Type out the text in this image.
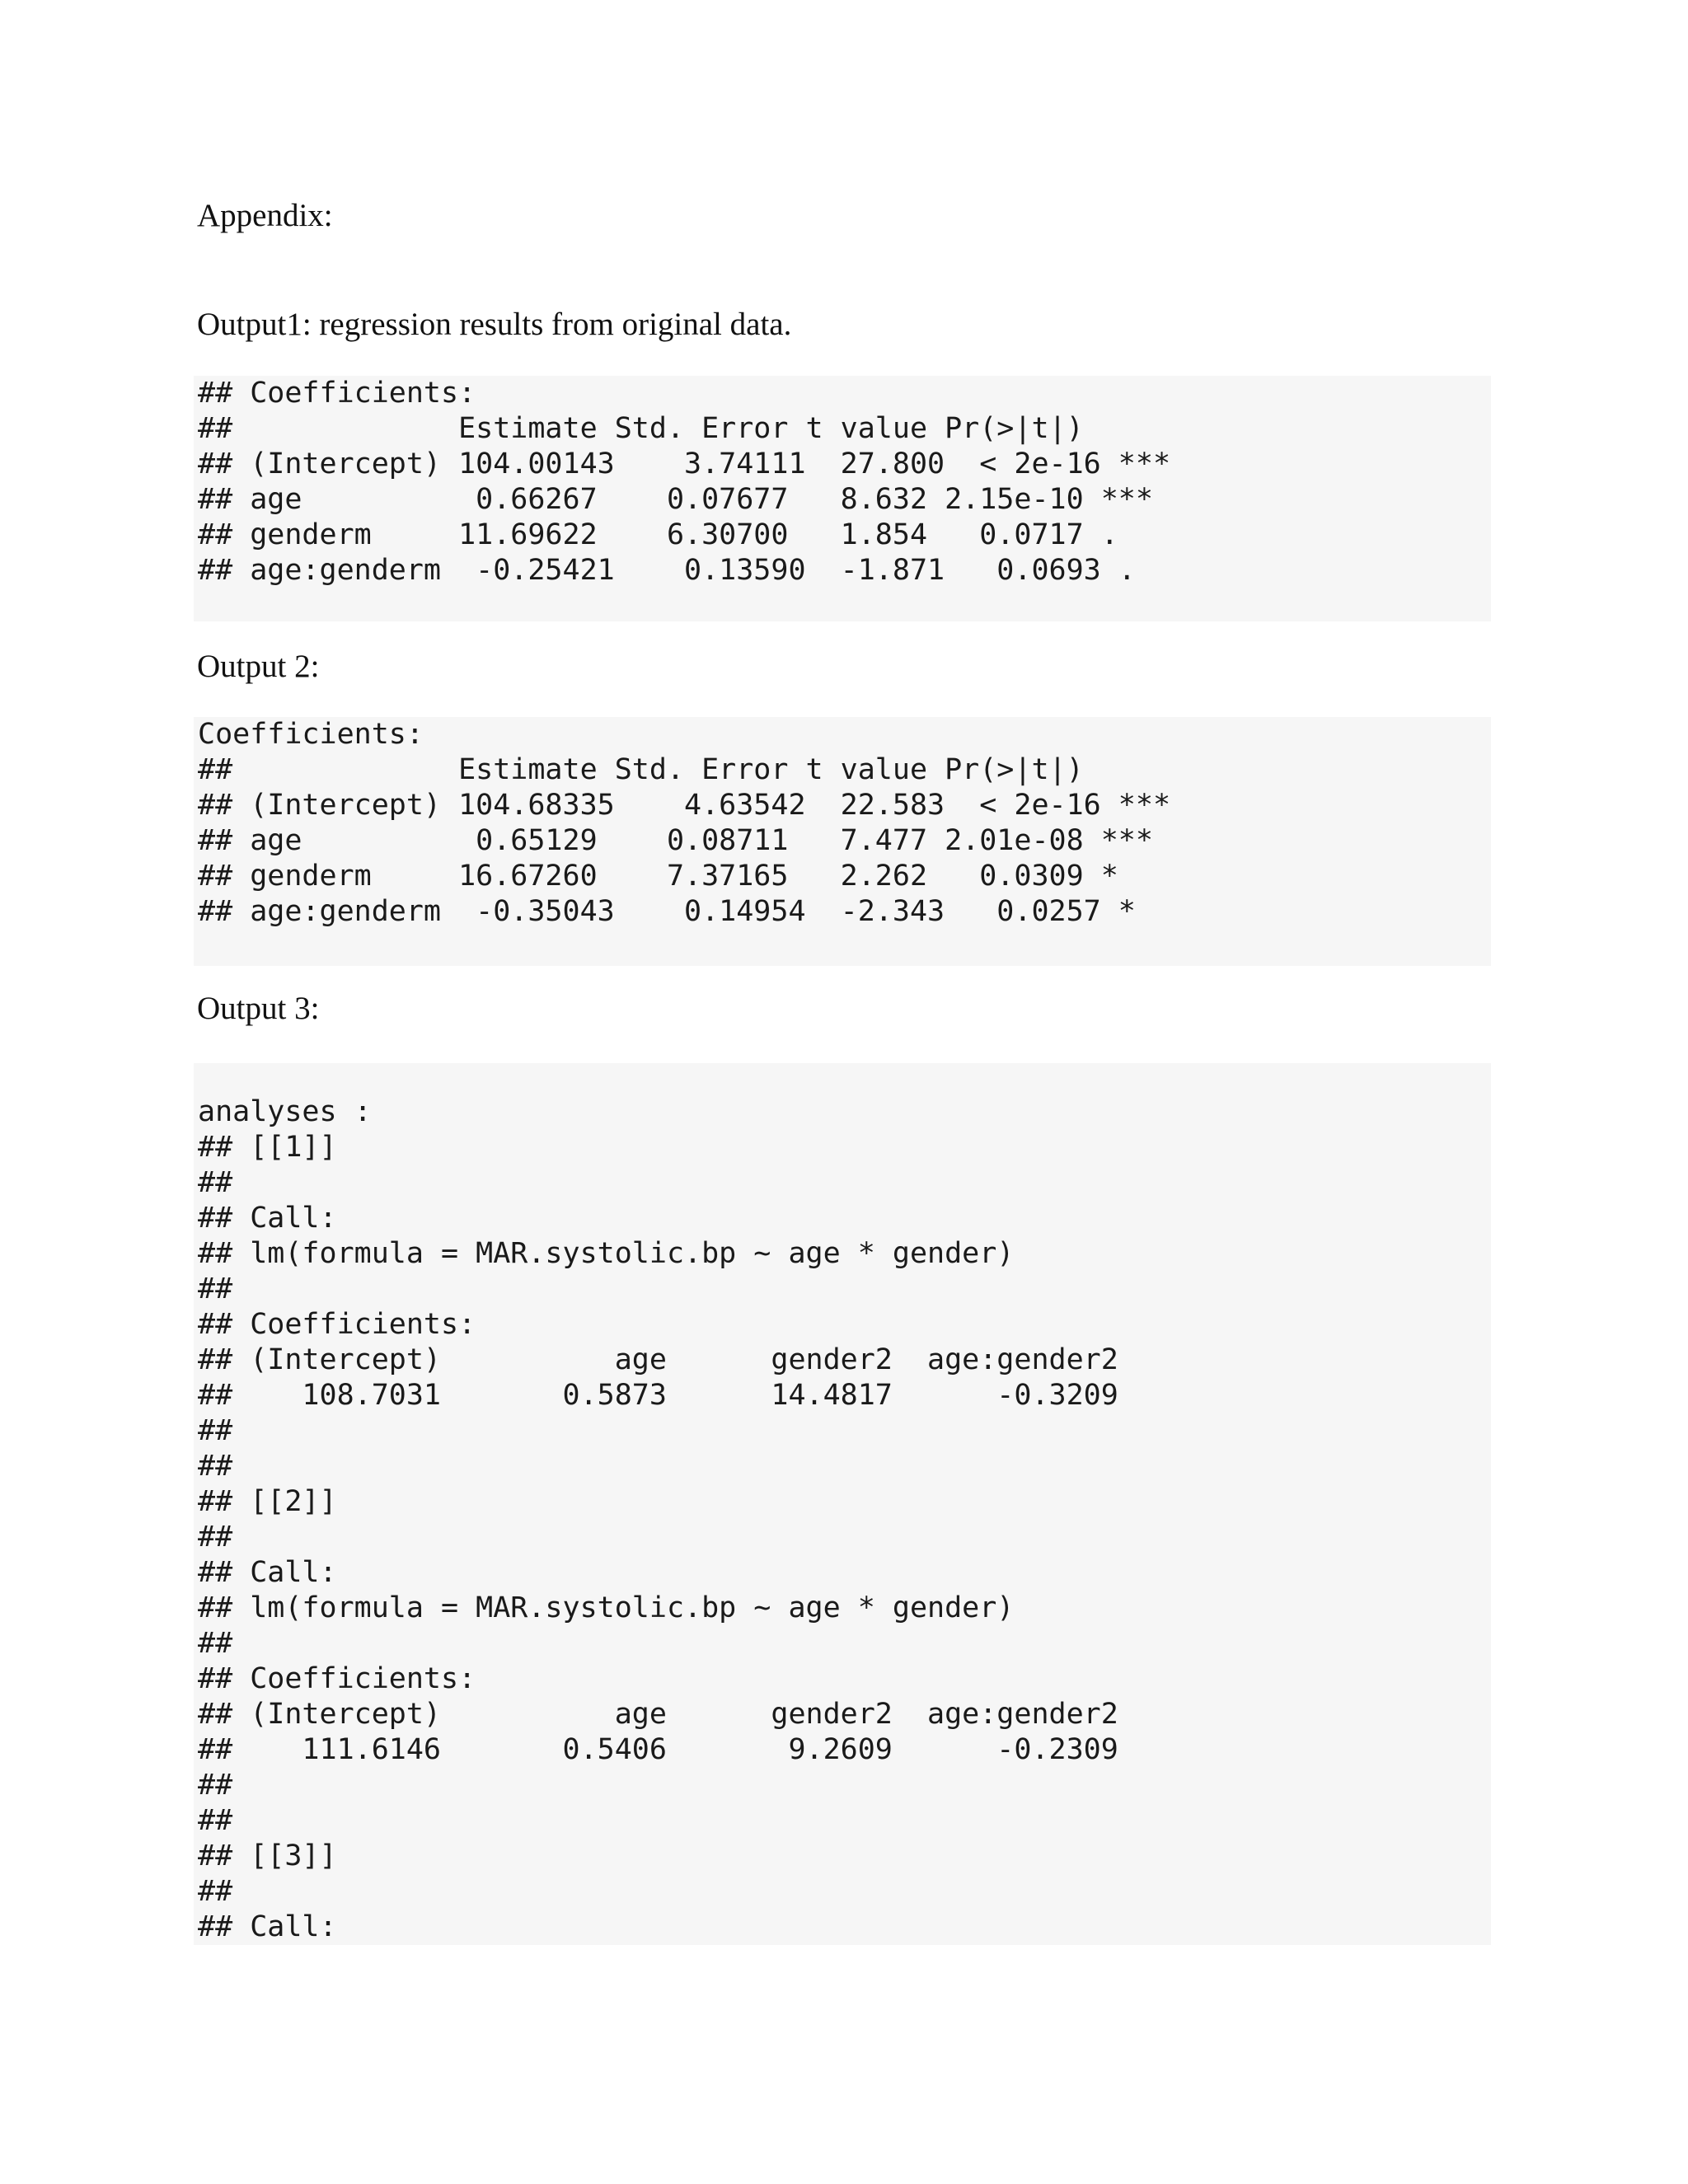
Appendix:
Output1: regression results from original data.
## Coefficients:
##             Estimate Std. Error t value Pr(>|t|)
## (Intercept) 104.00143    3.74111  27.800  < 2e-16 ***
## age          0.66267    0.07677   8.632 2.15e-10 ***
## genderm     11.69622    6.30700   1.854   0.0717 .
## age:genderm  -0.25421    0.13590  -1.871   0.0693 .
Output 2:
Coefficients:
##             Estimate Std. Error t value Pr(>|t|)
## (Intercept) 104.68335    4.63542  22.583  < 2e-16 ***
## age          0.65129    0.08711   7.477 2.01e-08 ***
## genderm     16.67260    7.37165   2.262   0.0309 *
## age:genderm  -0.35043    0.14954  -2.343   0.0257 *
Output 3:
analyses :
## [[1]]
##
## Call:
## lm(formula = MAR.systolic.bp ~ age * gender)
##
## Coefficients:
## (Intercept)          age      gender2  age:gender2
##    108.7031       0.5873      14.4817      -0.3209
##
##
## [[2]]
##
## Call:
## lm(formula = MAR.systolic.bp ~ age * gender)
##
## Coefficients:
## (Intercept)          age      gender2  age:gender2
##    111.6146       0.5406       9.2609      -0.2309
##
##
## [[3]]
##
## Call:
